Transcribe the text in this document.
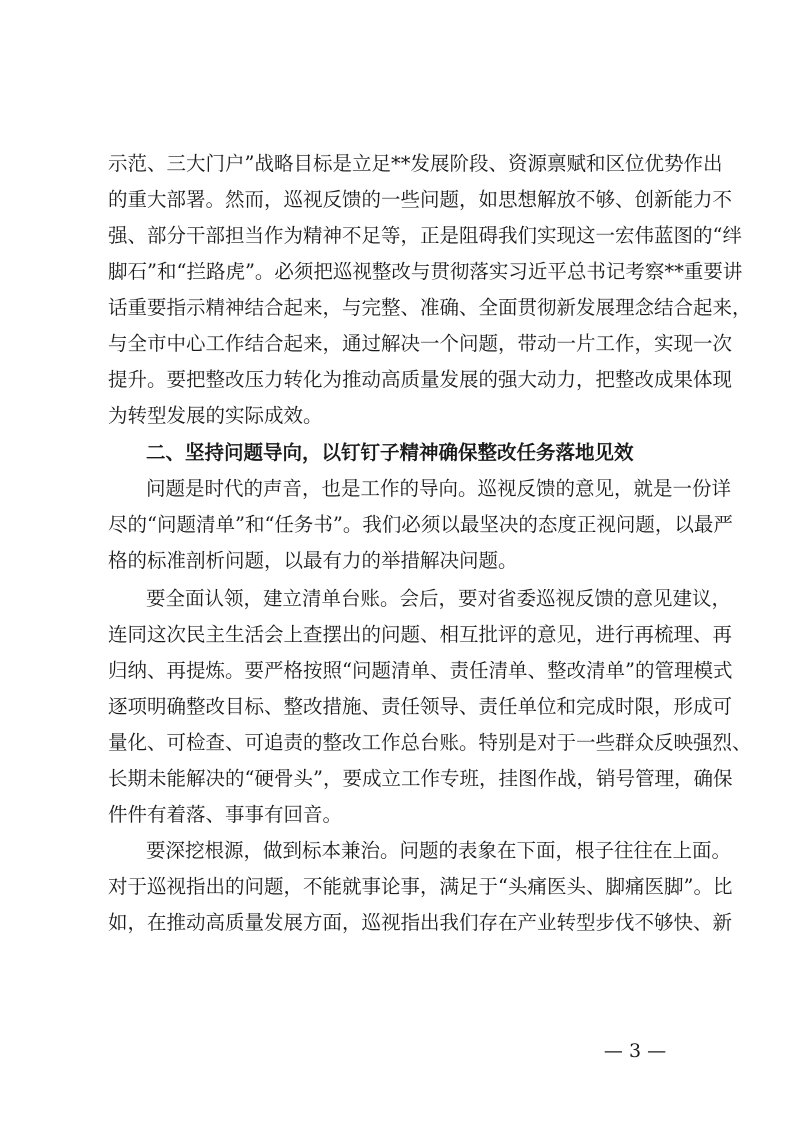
示范、三大门户”战略目标是立足**发展阶段、资源禀赋和区位优势作出
的重大部署。然而，巡视反馈的一些问题，如思想解放不够、创新能力不
强、部分干部担当作为精神不足等，正是阻碍我们实现这一宏伟蓝图的“绊
脚石”和“拦路虎”。必须把巡视整改与贯彻落实习近平总书记考察**重要讲
话重要指示精神结合起来，与完整、准确、全面贯彻新发展理念结合起来，
与全市中心工作结合起来，通过解决一个问题，带动一片工作，实现一次
提升。要把整改压力转化为推动高质量发展的强大动力，把整改成果体现
为转型发展的实际成效。
二、坚持问题导向，以钉钉子精神确保整改任务落地见效
问题是时代的声音，也是工作的导向。巡视反馈的意见，就是一份详
尽的“问题清单”和“任务书”。我们必须以最坚决的态度正视问题，以最严
格的标准剖析问题，以最有力的举措解决问题。
要全面认领，建立清单台账。会后，要对省委巡视反馈的意见建议，
连同这次民主生活会上查摆出的问题、相互批评的意见，进行再梳理、再
归纳、再提炼。要严格按照“问题清单、责任清单、整改清单”的管理模式
逐项明确整改目标、整改措施、责任领导、责任单位和完成时限，形成可
量化、可检查、可追责的整改工作总台账。特别是对于一些群众反映强烈、
长期未能解决的“硬骨头”，要成立工作专班，挂图作战，销号管理，确保
件件有着落、事事有回音。
要深挖根源，做到标本兼治。问题的表象在下面，根子往往在上面。
对于巡视指出的问题，不能就事论事，满足于“头痛医头、脚痛医脚”。比
如，在推动高质量发展方面，巡视指出我们存在产业转型步伐不够快、新
— 3 —
